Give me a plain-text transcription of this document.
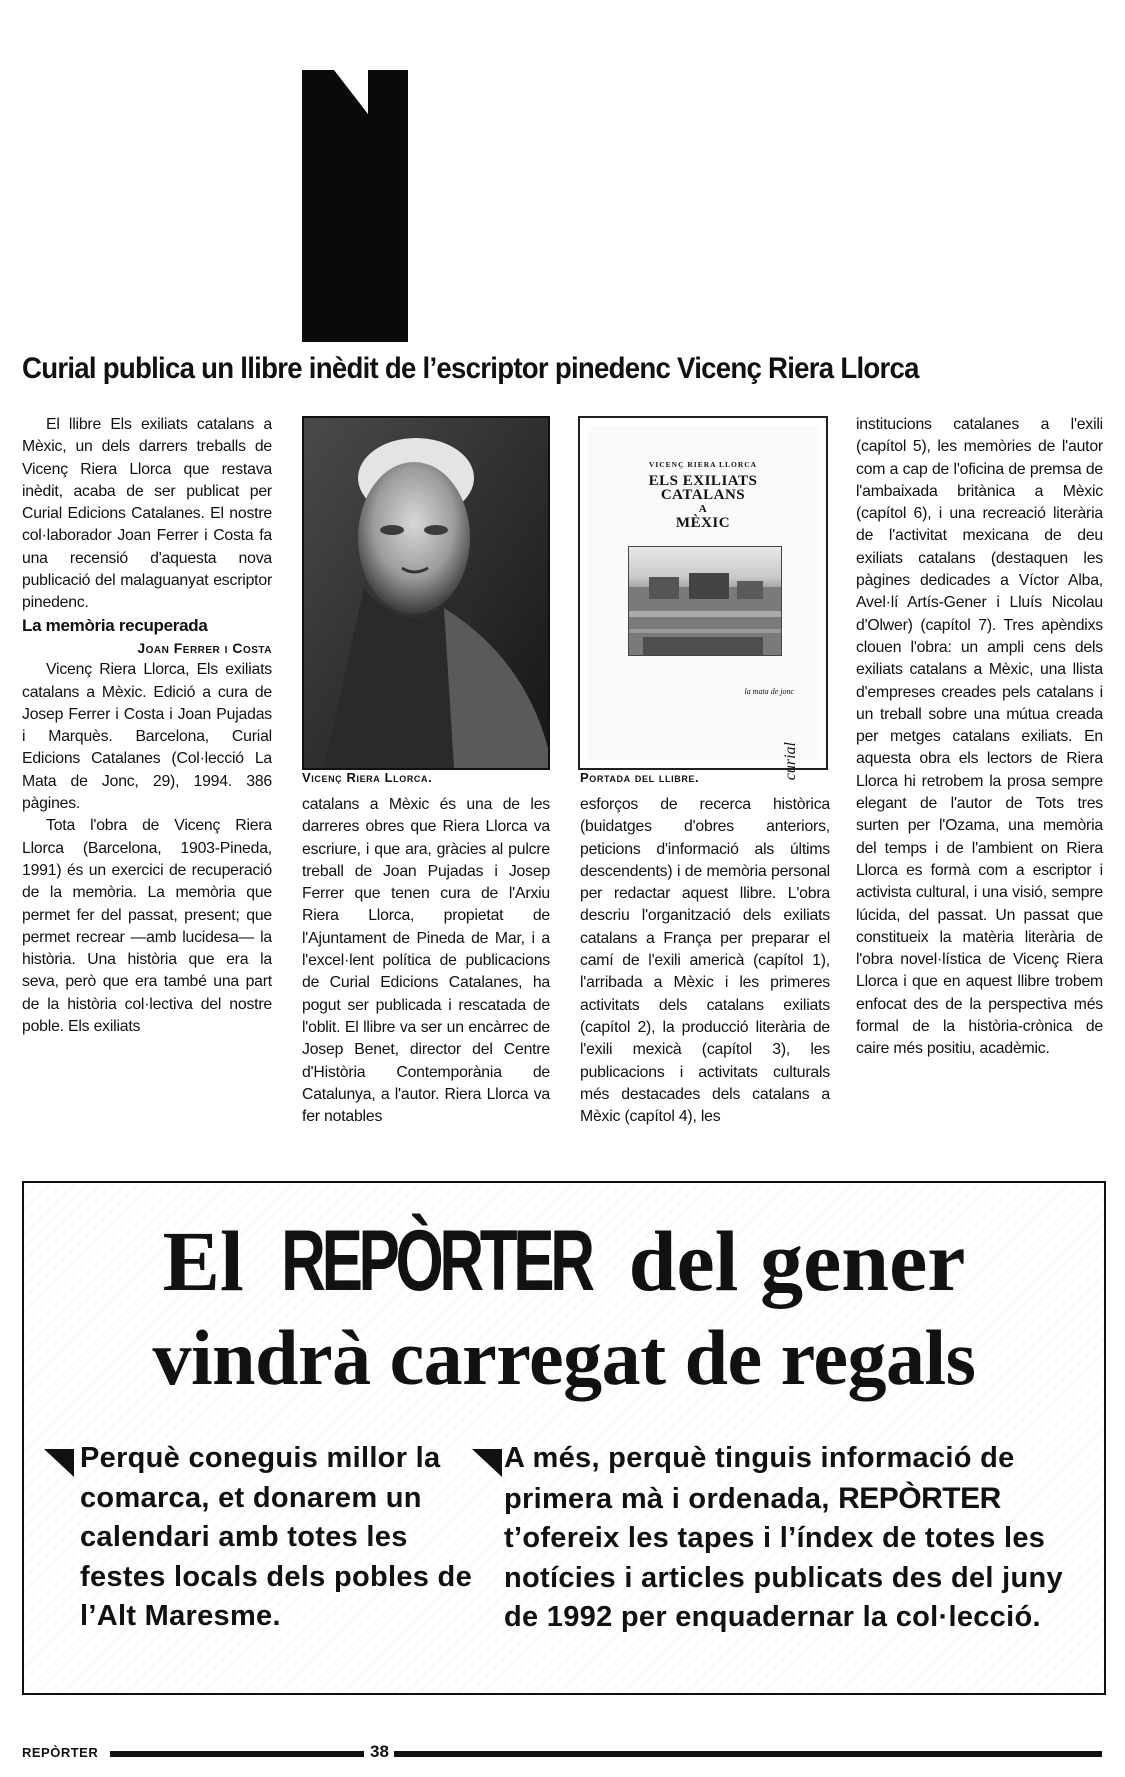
Curial publica un llibre inèdit de l’escriptor pinedenc Vicenç Riera Llorca

El llibre Els exiliats catalans a Mèxic, un dels darrers treballs de Vicenç Riera Llorca que restava inèdit, acaba de ser publicat per Curial Edicions Catalanes. El nostre col·laborador Joan Ferrer i Costa fa una recensió d'aquesta nova publicació del malaguanyat escriptor pinedenc.

La memòria recuperada

Joan Ferrer i Costa

Vicenç Riera Llorca, Els exiliats catalans a Mèxic. Edició a cura de Josep Ferrer i Costa i Joan Pujadas i Marquès. Barcelona, Curial Edicions Catalanes (Col·lecció La Mata de Jonc, 29), 1994. 386 pàgines.

Tota l'obra de Vicenç Riera Llorca (Barcelona, 1903-Pineda, 1991) és un exercici de recuperació de la memòria. La memòria que permet fer del passat, present; que permet recrear —amb lucidesa— la història. Una història que era la seva, però que era també una part de la història col·lectiva del nostre poble. Els exiliats

Vicenç Riera Llorca.
VICENÇ RIERA LLORCA
ELS EXILIATS
CATALANS
A
MÈXIC
la mata de jonc
curial
Portada del llibre.

catalans a Mèxic és una de les darreres obres que Riera Llorca va escriure, i que ara, gràcies al pulcre treball de Joan Pujadas i Josep Ferrer que tenen cura de l'Arxiu Riera Llorca, propietat de l'Ajuntament de Pineda de Mar, i a l'excel·lent política de publicacions de Curial Edicions Catalanes, ha pogut ser publicada i rescatada de l'oblit. El llibre va ser un encàrrec de Josep Benet, director del Centre d'Història Contemporània de Catalunya, a l'autor. Riera Llorca va fer notables

esforços de recerca històrica (buidatges d'obres anteriors, peticions d'informació als últims descendents) i de memòria personal per redactar aquest llibre. L'obra descriu l'organització dels exiliats catalans a França per preparar el camí de l'exili americà (capítol 1), l'arribada a Mèxic i les primeres activitats dels catalans exiliats (capítol 2), la producció literària de l'exili mexicà (capítol 3), les publicacions i activitats culturals més destacades dels catalans a Mèxic (capítol 4), les

institucions catalanes a l'exili (capítol 5), les memòries de l'autor com a cap de l'oficina de premsa de l'ambaixada britànica a Mèxic (capítol 6), i una recreació literària de l'activitat mexicana de deu exiliats catalans (destaquen les pàgines dedicades a Víctor Alba, Avel·lí Artís-Gener i Lluís Nicolau d'Olwer) (capítol 7). Tres apèndixs clouen l'obra: un ampli cens dels exiliats catalans a Mèxic, una llista d'empreses creades pels catalans i un treball sobre una mútua creada per metges catalans exiliats. En aquesta obra els lectors de Riera Llorca hi retrobem la prosa sempre elegant de l'autor de Tots tres surten per l'Ozama, una memòria del temps i de l'ambient on Riera Llorca es formà com a escriptor i activista cultural, i una visió, sempre lúcida, del passat. Un passat que constitueix la matèria literària de l'obra novel·lística de Vicenç Riera Llorca i que en aquest llibre trobem enfocat des de la perspectiva més formal de la història-crònica de caire més positiu, acadèmic.

El REPÒRTER del gener
vindrà carregat de regals
Perquè coneguis millor la comarca, et donarem un calendari amb totes les festes locals dels pobles de l’Alt Maresme.
A més, perquè tinguis informació de primera mà i ordenada, REPÒRTER t’ofereix les tapes i l’índex de totes les notícies i articles publicats des del juny de 1992 per enquadernar la col·lecció.
REPÒRTER	38
